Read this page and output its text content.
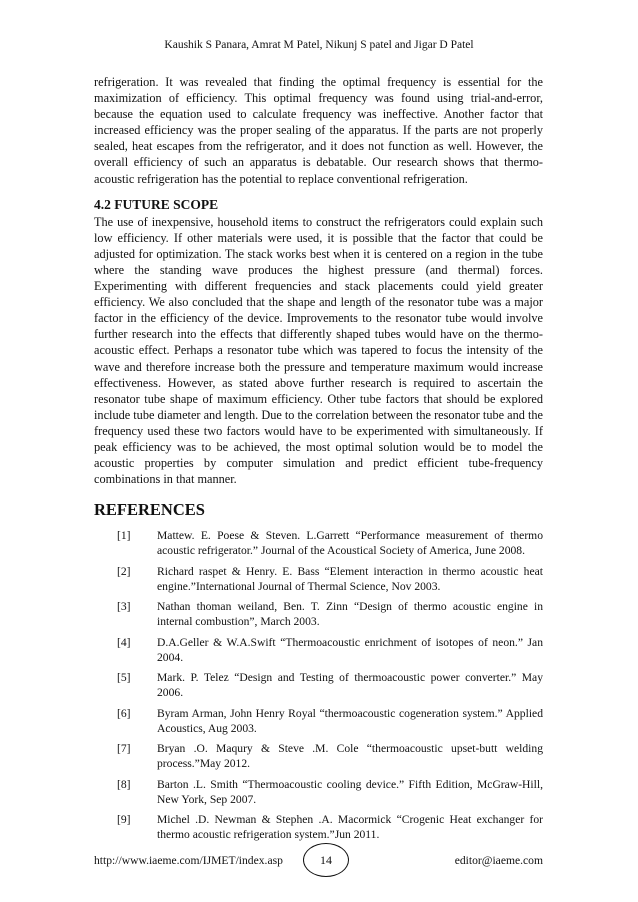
Kaushik S Panara, Amrat M Patel, Nikunj S patel and Jigar D Patel

refrigeration. It was revealed that finding the optimal frequency is essential for the maximization of efficiency. This optimal frequency was found using trial-and-error, because the equation used to calculate frequency was ineffective. Another factor that increased efficiency was the proper sealing of the apparatus. If the parts are not properly sealed, heat escapes from the refrigerator, and it does not function as well. However, the overall efficiency of such an apparatus is debatable. Our research shows that thermo-acoustic refrigeration has the potential to replace conventional refrigeration.

4.2 FUTURE SCOPE

The use of inexpensive, household items to construct the refrigerators could explain such low efficiency. If other materials were used, it is possible that the factor that could be adjusted for optimization. The stack works best when it is centered on a region in the tube where the standing wave produces the highest pressure (and thermal) forces. Experimenting with different frequencies and stack placements could yield greater efficiency. We also concluded that the shape and length of the resonator tube was a major factor in the efficiency of the device. Improvements to the resonator tube would involve further research into the effects that differently shaped tubes would have on the thermo-acoustic effect. Perhaps a resonator tube which was tapered to focus the intensity of the wave and therefore increase both the pressure and temperature maximum would increase effectiveness. However, as stated above further research is required to ascertain the resonator tube shape of maximum efficiency. Other tube factors that should be explored include tube diameter and length. Due to the correlation between the resonator tube and the frequency used these two factors would have to be experimented with simultaneously. If peak efficiency was to be achieved, the most optimal solution would be to model the acoustic properties by computer simulation and predict efficient tube-frequency combinations in that manner.

REFERENCES
[1]	Mattew. E. Poese & Steven. L.Garrett “Performance measurement of thermo acoustic refrigerator.” Journal of the Acoustical Society of America, June 2008.
[2]	Richard raspet & Henry. E. Bass “Element interaction in thermo acoustic heat engine.”International Journal of Thermal Science, Nov 2003.
[3]	Nathan thoman weiland, Ben. T. Zinn “Design of thermo acoustic engine in internal combustion”, March 2003.
[4]	D.A.Geller & W.A.Swift “Thermoacoustic enrichment of isotopes of neon.” Jan 2004.
[5]	Mark. P. Telez “Design and Testing of thermoacoustic power converter.” May 2006.
[6]	Byram Arman, John Henry Royal “thermoacoustic cogeneration system.” Applied Acoustics, Aug 2003.
[7]	Bryan .O. Maqury & Steve .M. Cole “thermoacoustic upset-butt welding process.”May 2012.
[8]	Barton .L. Smith “Thermoacoustic cooling device.” Fifth Edition, McGraw-Hill, New York, Sep 2007.
[9]	Michel .D. Newman & Stephen .A. Macormick “Crogenic Heat exchanger for thermo acoustic refrigeration system.”Jun 2011.
http://www.iaeme.com/IJMET/index.asp	14	editor@iaeme.com
